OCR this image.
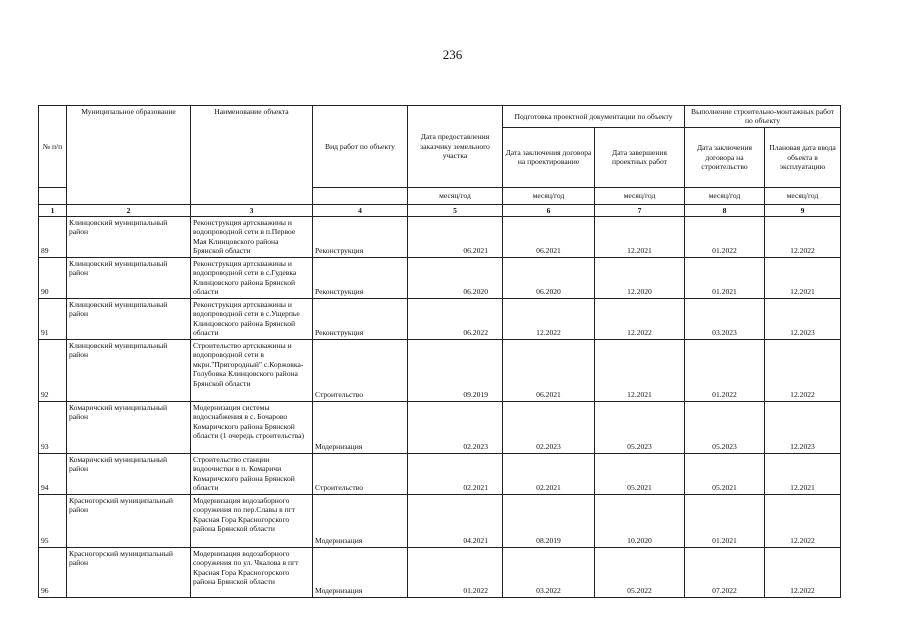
236
№ п/п	Муниципальное образование	Наименование объекта	Вид работ по объекту	Дата предоставления заказчику земельного участка	Подготовка проектной документации по объекту		Выполнение строительно-монтажных работ по объекту	
					Дата заключения договора на проектирование	Дата завершения проектных работ	Дата заключения договора на строительство	Плановая дата ввода объекта в эксплуатацию
				месяц/год	месяц/год	месяц/год	месяц/год	месяц/год
1	2	3	4	5	6	7	8	9
89	Клинцовский муниципальный район	Реконструкция артскважины и водопроводной сети в п.Первое Мая Клинцовского района Брянской области	Реконструкция	06.2021	06.2021	12.2021	01.2022	12.2022
90	Клинцовский муниципальный район	Реконструкция артскважины и водопроводной сети в с.Гудевка Клинцовского района Брянской области	Реконструкция	06.2020	06.2020	12.2020	01.2021	12.2021
91	Клинцовский муниципальный район	Реконструкция артскважины и водопроводной сети в с.Ущерпье Клинцовского района Брянской области	Реконструкция	06.2022	12.2022	12.2022	03.2023	12.2023
92	Клинцовский муниципальный район	Строительство артскважины и водопроводной сети в мкрн."Пригородный" с.Коржовка-Голубовка Клинцовского района Брянской области	Строительство	09.2019	06.2021	12.2021	01.2022	12.2022
93	Комаричский муниципальный район	Модернизация системы водоснабжения в с. Бочарово Комаричского района Брянской области (1 очередь строительства)	Модернизация	02.2023	02.2023	05.2023	05.2023	12.2023
94	Комаричский муниципальный район	Строительство станции водоочистки в п. Комаричи Комаричского района Брянской области	Строительство	02.2021	02.2021	05.2021	05.2021	12.2021
95	Красногорский муниципальный район	Модернизация водозаборного сооружения по пер.Славы в пгт Красная Гора Красногорского района Брянской области	Модернизация	04.2021	08.2019	10.2020	01.2021	12.2022
96	Красногорский муниципальный район	Модернизация водозаборного сооружения по ул. Чкалова в пгт Красная Гора Красногорского района Брянской области	Модернизация	01.2022	03.2022	05.2022	07.2022	12.2022
